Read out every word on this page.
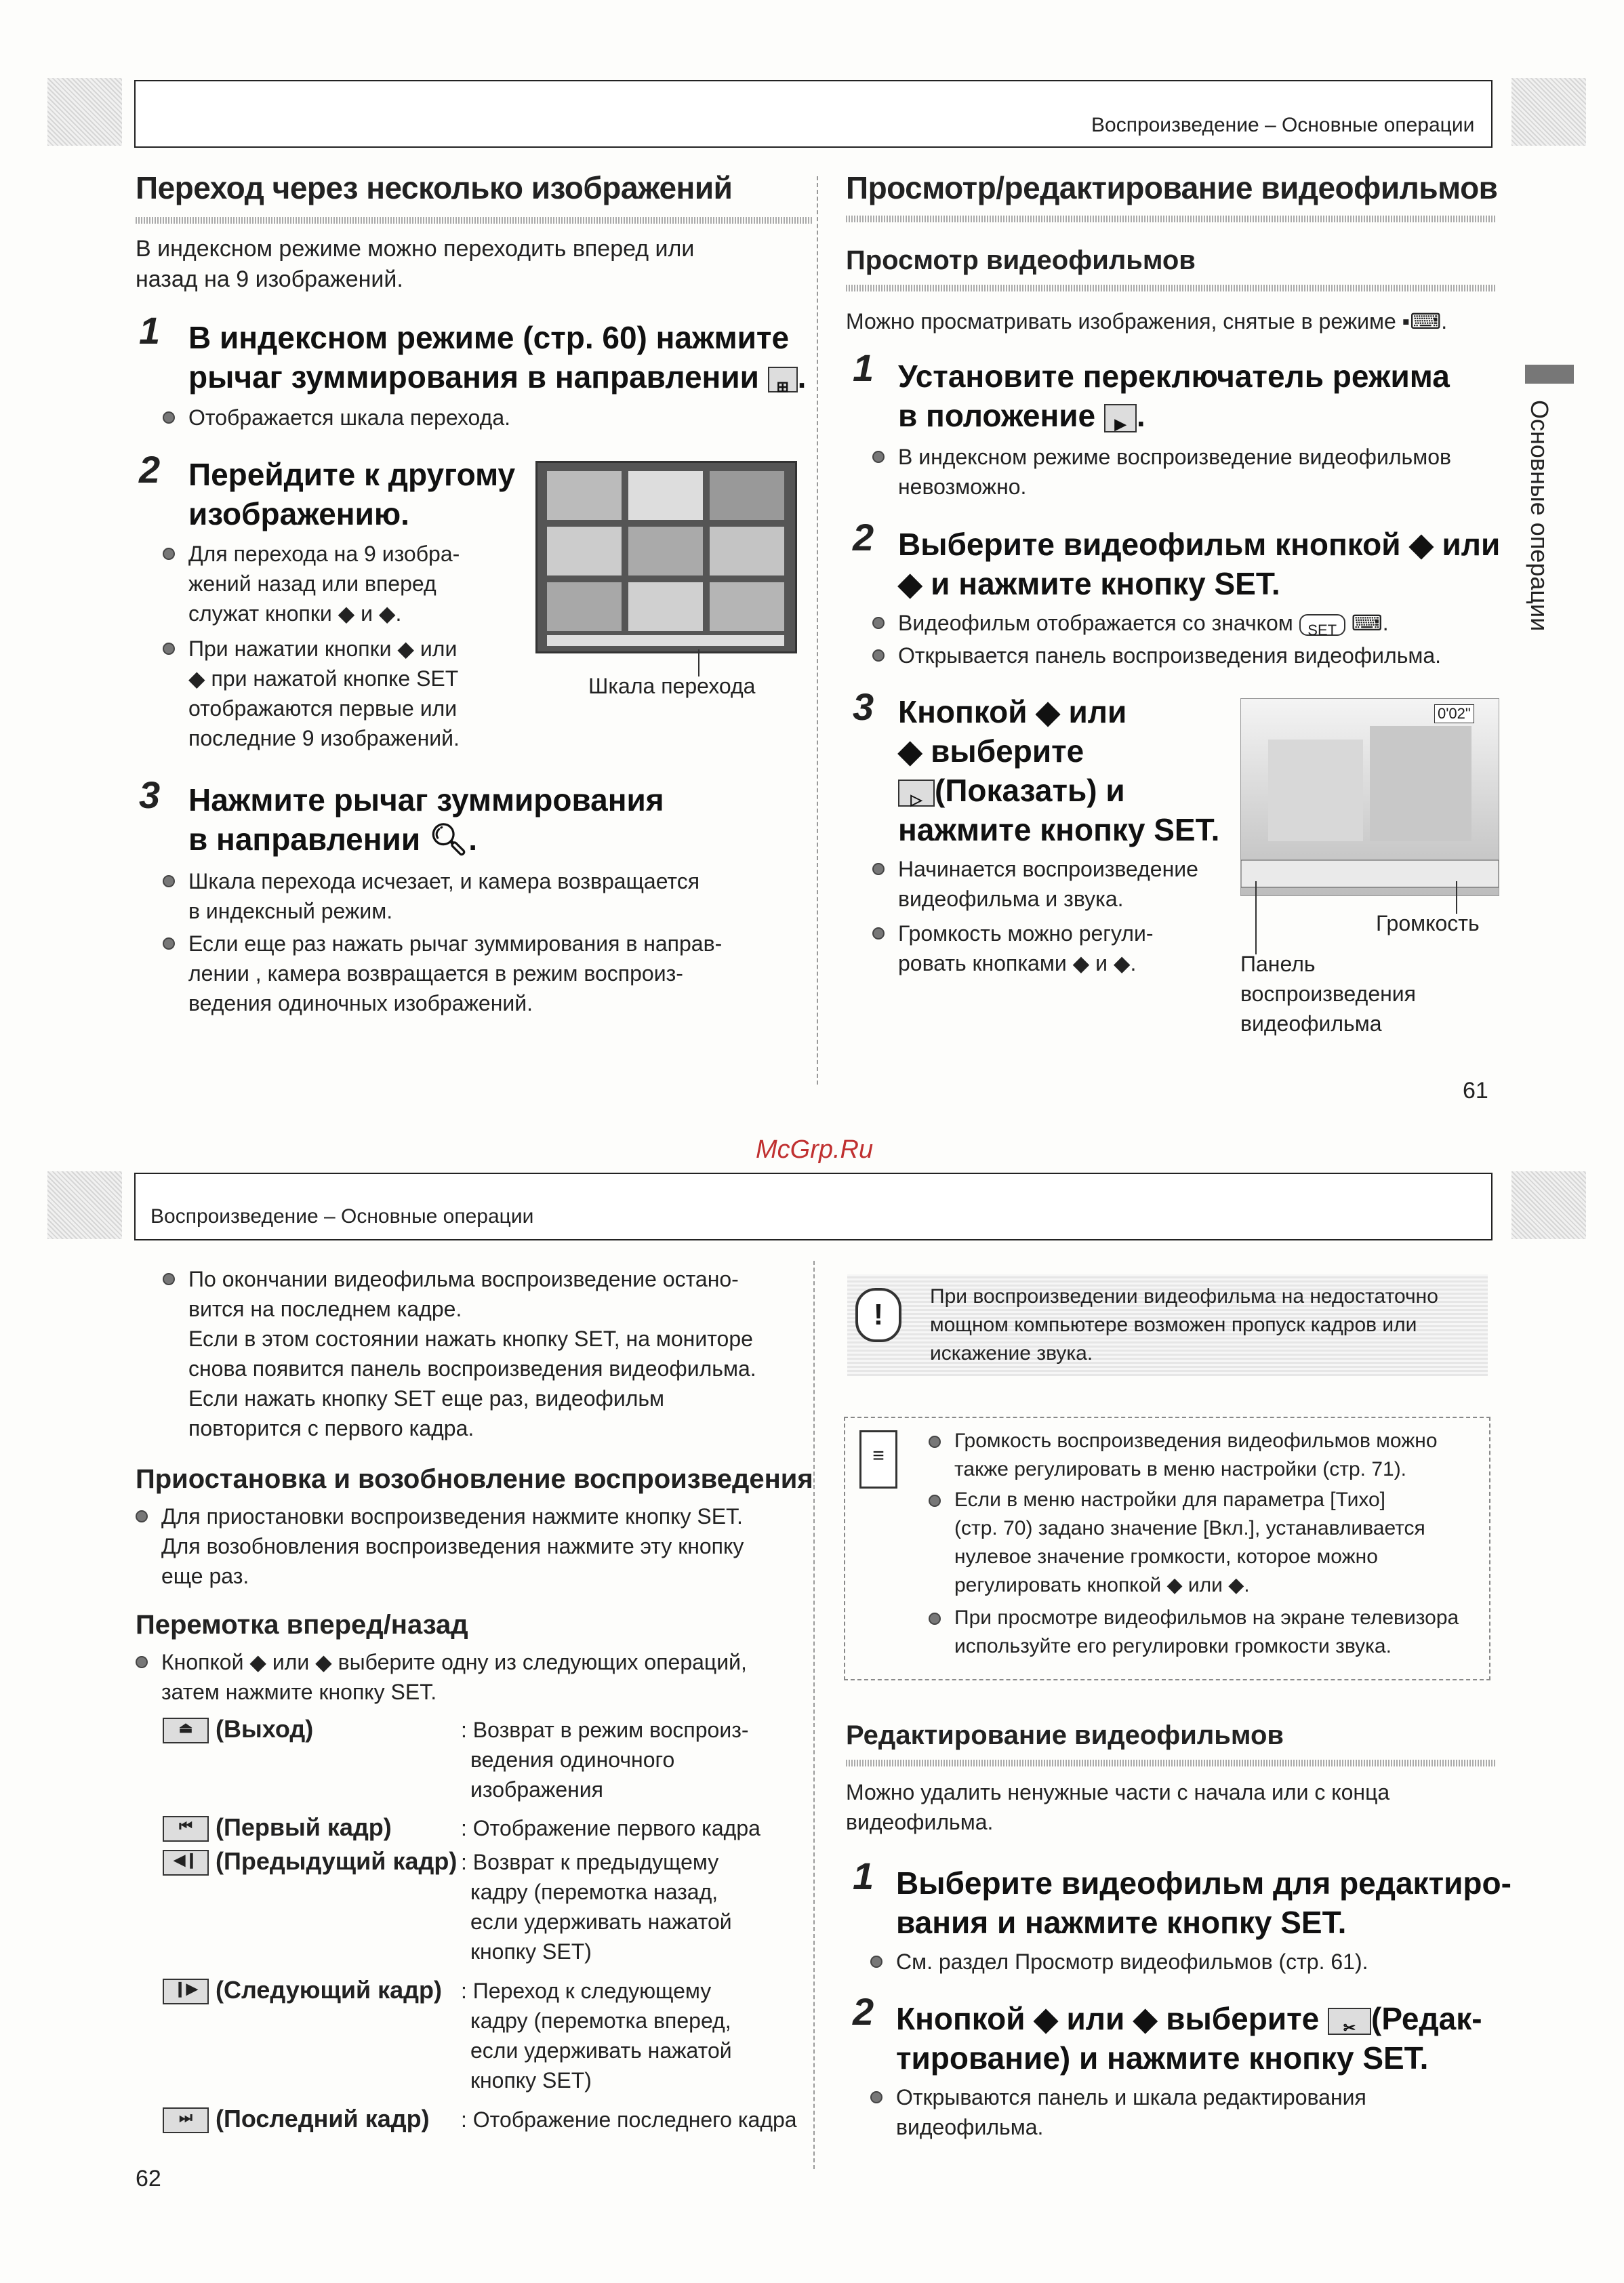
Воспроизведение – Основные операции
Переход через несколько изображений
В индексном режиме можно переходить вперед или
назад на 9 изображений.
1 В индексном режиме (стр. 60) нажмите
рычаг зуммирования в направлении ⊞ .
Отображается шкала перехода.
2 Перейдите к другому
изображению.
Для перехода на 9 изобра-
жений назад или вперед
служат кнопки ◆ и ◆.
При нажатии кнопки ◆ или
◆ при нажатой кнопке SET
отображаются первые или
последние 9 изображений.
Шкала перехода
3 Нажмите рычаг зуммирования
в направлении 🔍︎.
Шкала перехода исчезает, и камера возвращается
в индексный режим.
Если еще раз нажать рычаг зуммирования в направ-
лении , камера возвращается в режим воспроиз-
ведения одиночных изображений.
Просмотр/редактирование видеофильмов
Просмотр видеофильмов
Можно просматривать изображения, снятые в режиме ▪︎⌨.
1 Установите переключатель режима
в положение ▶ .
В индексном режиме воспроизведение видеофильмов
невозможно.
2 Выберите видеофильм кнопкой ◆ или
◆ и нажмите кнопку SET.
Видеофильм отображается со значком SET ⌨.
Открывается панель воспроизведения видеофильма.
3 Кнопкой ◆ или
◆ выберите
▷ (Показать) и
нажмите кнопку SET.
Начинается воспроизведение
видеофильма и звука.
Громкость можно регули-
ровать кнопками ◆ и ◆.
0'02"
Громкость
Панель
воспроизведения
видеофильма
Основные операции
61
McGrp.Ru
Воспроизведение – Основные операции
По окончании видеофильма воспроизведение остано-
вится на последнем кадре.
Если в этом состоянии нажать кнопку SET, на мониторе
снова появится панель воспроизведения видеофильма.
Если нажать кнопку SET еще раз, видеофильм
повторится с первого кадра.
Приостановка и возобновление воспроизведения
Для приостановки воспроизведения нажмите кнопку SET.
Для возобновления воспроизведения нажмите эту кнопку
еще раз.
Перемотка вперед/назад
Кнопкой ◆ или ◆ выберите одну из следующих операций,
затем нажмите кнопку SET.
⏏ (Выход)	: Возврат в режим воспроиз-
ведения одиночного
изображения
⏮ (Первый кадр)	: Отображение первого кадра
◀❙ (Предыдущий кадр) : Возврат к предыдущему
кадру (перемотка назад,
если удерживать нажатой
кнопку SET)
❙▶ (Следующий кадр) : Переход к следующему
кадру (перемотка вперед,
если удерживать нажатой
кнопку SET)
⏭ (Последний кадр) : Отображение последнего кадра
!
При воспроизведении видеофильма на недостаточно
мощном компьютере возможен пропуск кадров или
искажение звука.
≡
Громкость воспроизведения видеофильмов можно
также регулировать в меню настройки (стр. 71).
Если в меню настройки для параметра [Тихо]
(стр. 70) задано значение [Вкл.], устанавливается
нулевое значение громкости, которое можно
регулировать кнопкой ◆ или ◆.
При просмотре видеофильмов на экране телевизора
используйте его регулировки громкости звука.
Редактирование видеофильмов
Можно удалить ненужные части с начала или с конца
видеофильма.
1 Выберите видеофильм для редактиро-
вания и нажмите кнопку SET.
См. раздел Просмотр видеофильмов (стр. 61).
2 Кнопкой ◆ или ◆ выберите ✂ (Редак-
тирование) и нажмите кнопку SET.
Открываются панель и шкала редактирования
видеофильма.
62
